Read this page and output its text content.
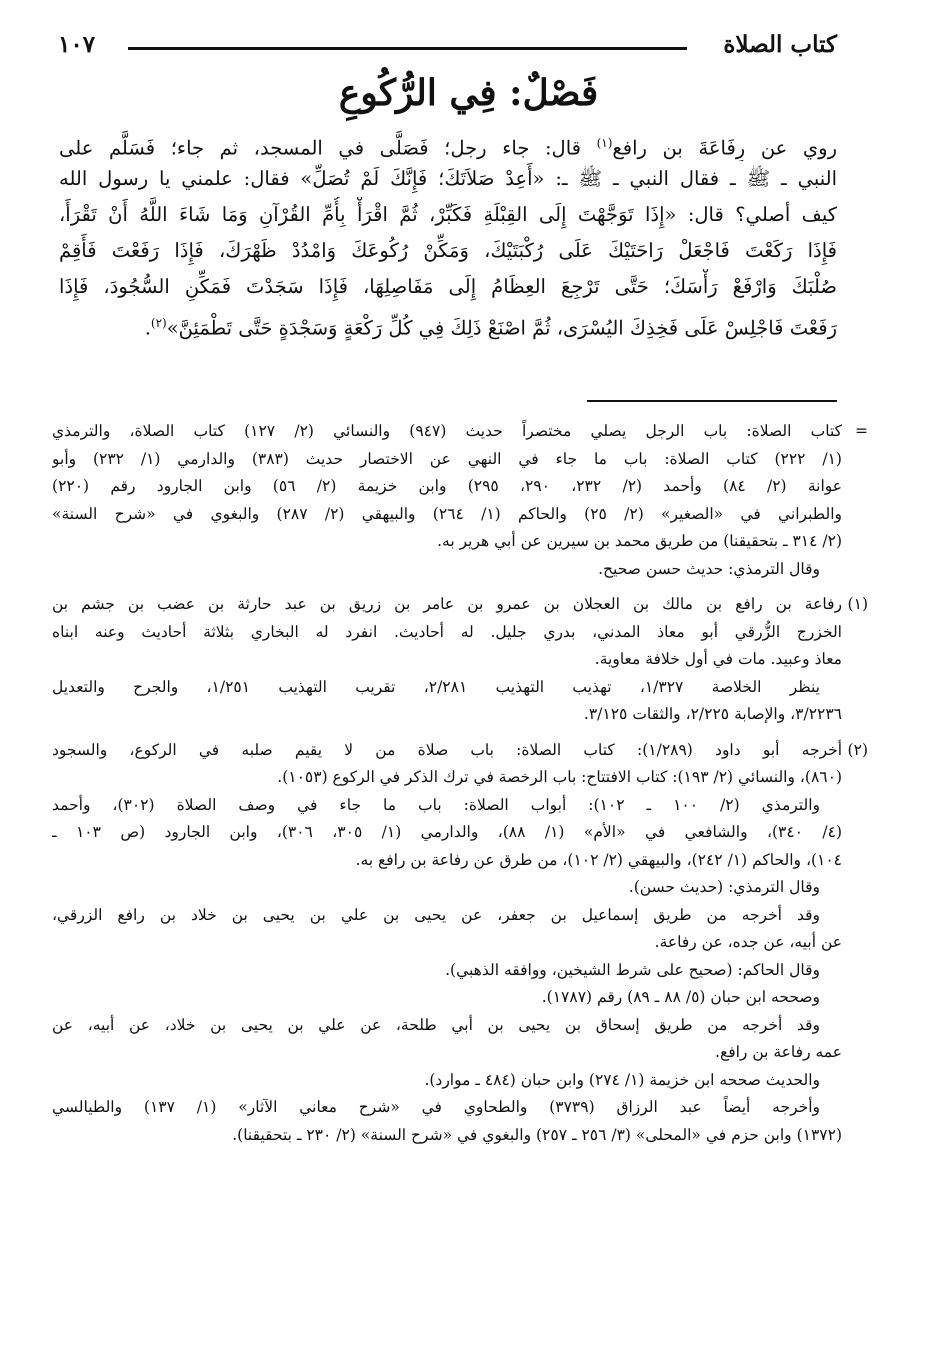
كتاب الصلاة
١٠٧
فَصْلٌ: فِي الرُّكُوعِ
روي عن رِفَاعَةَ بن رافع$^{(١)}$ قال: جاء رجل؛ فَصَلَّى في المسجد، ثم جاء؛ فَسَلَّم على
النبي ـ ﷺ ـ فقال النبي ـ ﷺ ـ: «أَعِدْ صَلاَتَكَ؛ فَإِنَّكَ لَمْ تُصَلِّ» فقال: علمني يا رسول الله
كيف أصلي؟ قال: «إِذَا تَوَجَّهْتَ إِلَى القِبْلَةِ فَكَبِّرْ، ثُمَّ اقْرَأْ بِأُمِّ القُرْآنِ وَمَا شَاءَ اللَّهُ أَنْ تَقْرَأَ،
فَإِذَا رَكَعْتَ فَاجْعَلْ رَاحَتَيْكَ عَلَى رُكْبَتَيْكَ، وَمَكِّنْ رُكُوعَكَ وَامْدُدْ ظَهْرَكَ، فَإِذَا رَفَعْتَ فَأَقِمْ
صُلْبَكَ وَارْفَعْ رَأْسَكَ؛ حَتَّى تَرْجِعَ العِظَامُ إِلَى مَفَاصِلِهَا، فَإِذَا سَجَدْتَ فَمَكِّنِ السُّجُودَ، فَإِذَا
رَفَعْتَ فَاجْلِسْ عَلَى فَخِذِكَ اليُسْرَى، ثُمَّ اصْنَعْ ذَلِكَ فِي كُلِّ رَكْعَةٍ وَسَجْدَةٍ حَتَّى تَطْمَئِنَّ»$^{(٢)}$.
=
كتاب الصلاة: باب الرجل يصلي مختصراً حديث (٩٤٧) والنسائي (٢/ ١٢٧) كتاب الصلاة، والترمذي
(١/ ٢٢٢) كتاب الصلاة: باب ما جاء في النهي عن الاختصار حديث (٣٨٣) والدارمي (١/ ٢٣٢) وأبو
عوانة (٢/ ٨٤) وأحمد (٢/ ٢٣٢، ٢٩٠، ٢٩٥) وابن خزيمة (٢/ ٥٦) وابن الجارود رقم (٢٢٠)
والطبراني في «الصغير» (٢/ ٢٥) والحاكم (١/ ٢٦٤) والبيهقي (٢/ ٢٨٧) والبغوي في «شرح السنة»
(٢/ ٣١٤ ـ بتحقيقنا) من طريق محمد بن سيرين عن أبي هرير به.
وقال الترمذي: حديث حسن صحيح.
(١)
رفاعة بن رافع بن مالك بن العجلان بن عمرو بن عامر بن زريق بن عبد حارثة بن عضب بن جشم بن
الخزرج الزُّرقي أبو معاذ المدني، بدري جليل. له أحاديث. انفرد له البخاري بثلاثة أحاديث وعنه ابناه
معاذ وعبيد. مات في أول خلافة معاوية.
ينظر الخلاصة ١/٣٢٧، تهذيب التهذيب ٢/٢٨١، تقريب التهذيب ١/٢٥١، والجرح والتعديل
٣/٢٢٣٦، والإصابة ٢/٢٢٥، والثقات ٣/١٢٥.
(٢)
أخرجه أبو داود (١/٢٨٩): كتاب الصلاة: باب صلاة من لا يقيم صلبه في الركوع، والسجود
(٨٦٠)، والنسائي (٢/ ١٩٣): كتاب الافتتاح: باب الرخصة في ترك الذكر في الركوع (١٠٥٣).
والترمذي (٢/ ١٠٠ ـ ١٠٢): أبواب الصلاة: باب ما جاء في وصف الصلاة (٣٠٢)، وأحمد
(٤/ ٣٤٠)، والشافعي في «الأم» (١/ ٨٨)، والدارمي (١/ ٣٠٥، ٣٠٦)، وابن الجارود (ص ١٠٣ ـ
١٠٤)، والحاكم (١/ ٢٤٢)، والبيهقي (٢/ ١٠٢)، من طرق عن رفاعة بن رافع به.
وقال الترمذي: (حديث حسن).
وقد أخرجه من طريق إسماعيل بن جعفر، عن يحيى بن علي بن يحيى بن خلاد بن رافع الزرقي،
عن أبيه، عن جده، عن رفاعة.
وقال الحاكم: (صحيح على شرط الشيخين، ووافقه الذهبي).
وصححه ابن حبان (٥/ ٨٨ ـ ٨٩) رقم (١٧٨٧).
وقد أخرجه من طريق إسحاق بن يحيى بن أبي طلحة، عن علي بن يحيى بن خلاد، عن أبيه، عن
عمه رفاعة بن رافع.
والحديث صححه ابن خزيمة (١/ ٢٧٤) وابن حبان (٤٨٤ ـ موارد).
وأخرجه أيضاً عبد الرزاق (٣٧٣٩) والطحاوي في «شرح معاني الآثار» (١/ ١٣٧) والطيالسي
(١٣٧٢) وابن حزم في «المحلى» (٣/ ٢٥٦ ـ ٢٥٧) والبغوي في «شرح السنة» (٢/ ٢٣٠ ـ بتحقيقنا).
